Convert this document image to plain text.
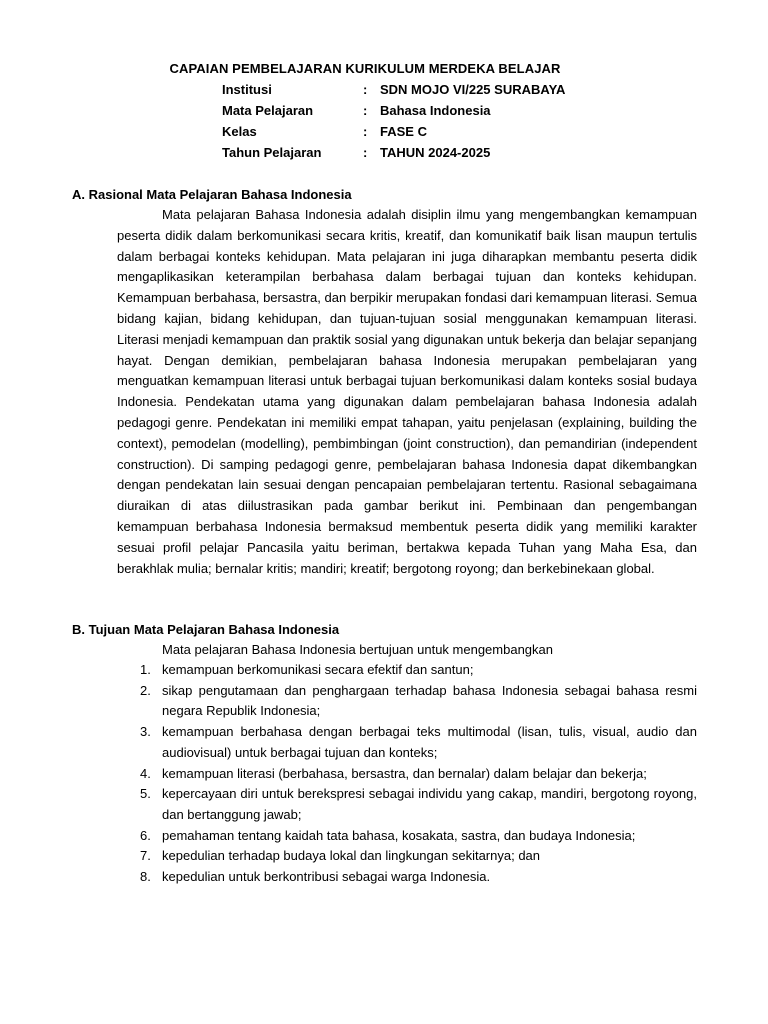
CAPAIAN PEMBELAJARAN KURIKULUM MERDEKA BELAJAR
Institusi	: SDN MOJO VI/225 SURABAYA
Mata Pelajaran	: Bahasa Indonesia
Kelas	: FASE C
Tahun Pelajaran	: TAHUN 2024-2025
A. Rasional Mata Pelajaran Bahasa Indonesia

Mata pelajaran Bahasa Indonesia adalah disiplin ilmu yang mengembangkan kemampuan peserta didik dalam berkomunikasi secara kritis, kreatif, dan komunikatif baik lisan maupun tertulis dalam berbagai konteks kehidupan. Mata pelajaran ini juga diharapkan membantu peserta didik mengaplikasikan keterampilan berbahasa dalam berbagai tujuan dan konteks kehidupan. Kemampuan berbahasa, bersastra, dan berpikir merupakan fondasi dari kemampuan literasi. Semua bidang kajian, bidang kehidupan, dan tujuan-tujuan sosial menggunakan kemampuan literasi. Literasi menjadi kemampuan dan praktik sosial yang digunakan untuk bekerja dan belajar sepanjang hayat. Dengan demikian, pembelajaran bahasa Indonesia merupakan pembelajaran yang menguatkan kemampuan literasi untuk berbagai tujuan berkomunikasi dalam konteks sosial budaya Indonesia. Pendekatan utama yang digunakan dalam pembelajaran bahasa Indonesia adalah pedagogi genre. Pendekatan ini memiliki empat tahapan, yaitu penjelasan (explaining, building the context), pemodelan (modelling), pembimbingan (joint construction), dan pemandirian (independent construction). Di samping pedagogi genre, pembelajaran bahasa Indonesia dapat dikembangkan dengan pendekatan lain sesuai dengan pencapaian pembelajaran tertentu. Rasional sebagaimana diuraikan di atas diilustrasikan pada gambar berikut ini. Pembinaan dan pengembangan kemampuan berbahasa Indonesia bermaksud membentuk peserta didik yang memiliki karakter sesuai profil pelajar Pancasila yaitu beriman, bertakwa kepada Tuhan yang Maha Esa, dan berakhlak mulia; bernalar kritis; mandiri; kreatif; bergotong royong; dan berkebinekaan global.

B. Tujuan Mata Pelajaran Bahasa Indonesia
Mata pelajaran Bahasa Indonesia bertujuan untuk mengembangkan
1. kemampuan berkomunikasi secara efektif dan santun;
2. sikap pengutamaan dan penghargaan terhadap bahasa Indonesia sebagai bahasa resmi negara Republik Indonesia;
3. kemampuan berbahasa dengan berbagai teks multimodal (lisan, tulis, visual, audio dan audiovisual) untuk berbagai tujuan dan konteks;
4. kemampuan literasi (berbahasa, bersastra, dan bernalar) dalam belajar dan bekerja;
5. kepercayaan diri untuk berekspresi sebagai individu yang cakap, mandiri, bergotong royong, dan bertanggung jawab;
6. pemahaman tentang kaidah tata bahasa, kosakata, sastra, dan budaya Indonesia;
7. kepedulian terhadap budaya lokal dan lingkungan sekitarnya; dan
8. kepedulian untuk berkontribusi sebagai warga Indonesia.
